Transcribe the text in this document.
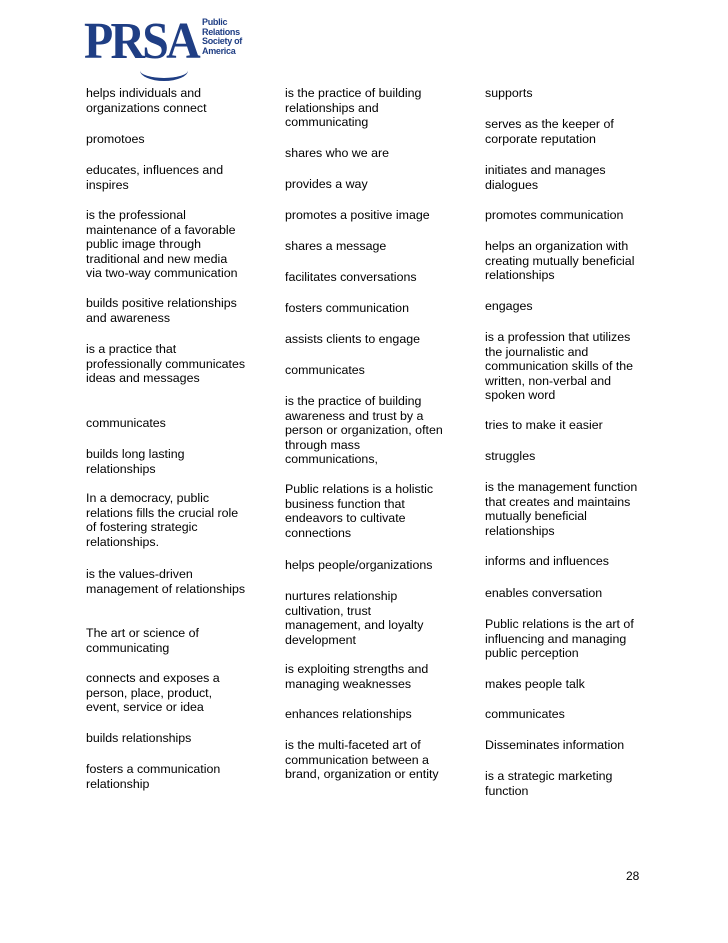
PRSA Public
Relations
Society of
America

helps individuals and organizations connect

promotoes

educates, influences and inspires

is the professional maintenance of a favorable public image through traditional and new media via two-way communication

builds positive relationships and awareness

is a practice that professionally communicates ideas and messages

communicates

builds long lasting relationships

In a democracy, public relations fills the crucial role of fostering strategic relationships.

is the values-driven management of relationships

The art or science of communicating

connects and exposes a person, place, product, event, service or idea

builds relationships

fosters a communication relationship

is the practice of building relationships and communicating

shares who we are

provides a way

promotes a positive image

shares a message

facilitates conversations

fosters communication

assists clients to engage

communicates

is the practice of building awareness and trust by a person or organization, often through mass communications,

Public relations is a holistic business function that endeavors to cultivate connections

helps people/organizations

nurtures relationship cultivation, trust management, and loyalty development

is exploiting strengths and managing weaknesses

enhances relationships

is the multi-faceted art of communication between a brand, organization or entity

supports

serves as the keeper of corporate reputation

initiates and manages dialogues

promotes communication

helps an organization with creating mutually beneficial relationships

engages

is a profession that utilizes the journalistic and communication skills of the written, non-verbal and spoken word

tries to make it easier

struggles

is the management function that creates and maintains mutually beneficial relationships

informs and influences

enables conversation

Public relations is the art of influencing and managing public perception

makes people talk

communicates

Disseminates information

is a strategic marketing function

28
